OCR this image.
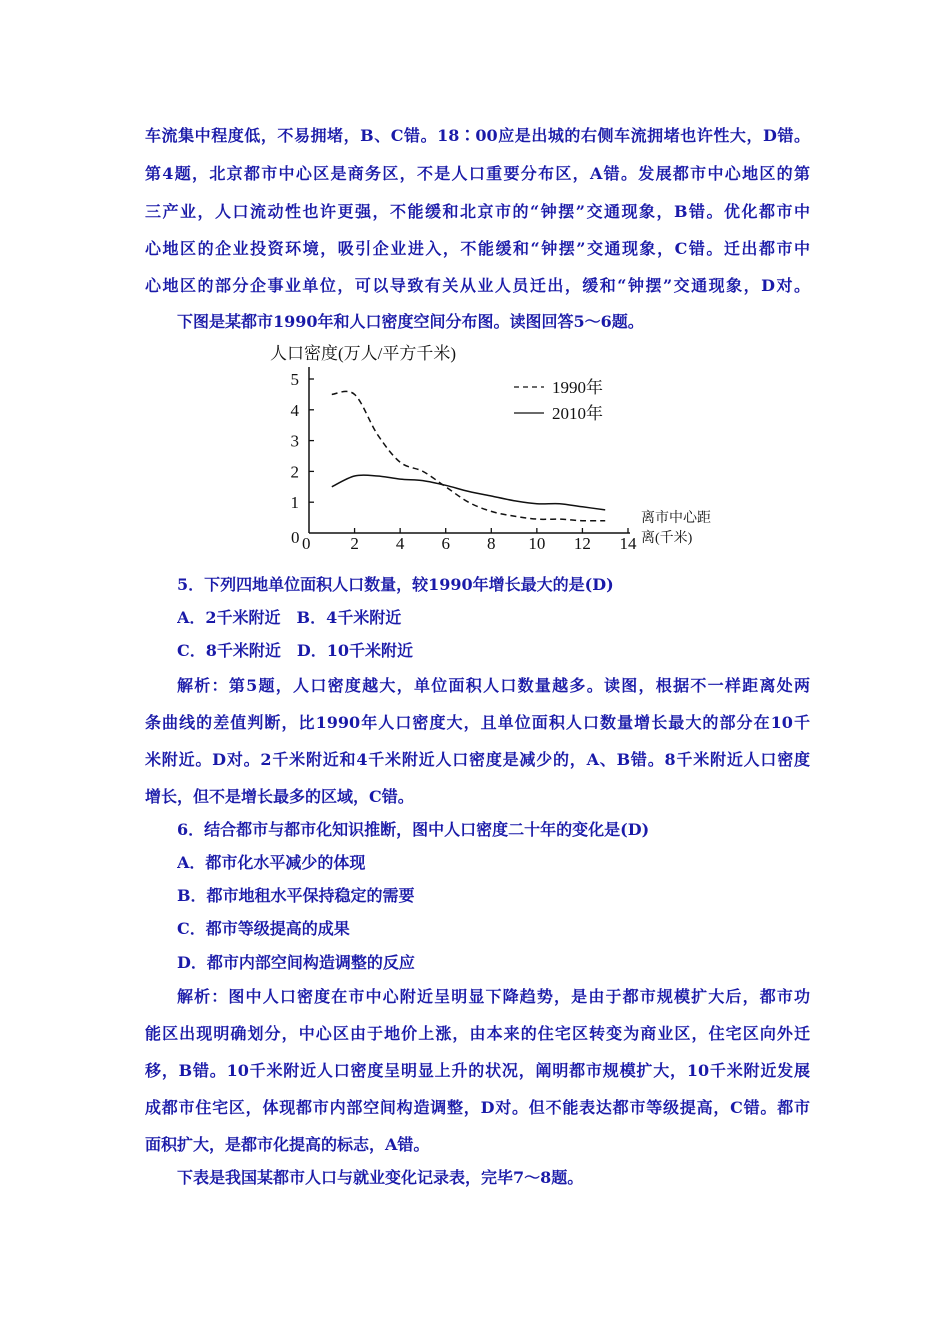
车流集中程度低，不易拥堵，B、C错。18∶00应是出城的右侧车流拥堵也许性大，D错。
第4题，北京都市中心区是商务区，不是人口重要分布区，A错。发展都市中心地区的第
三产业，人口流动性也许更强，不能缓和北京市的“钟摆”交通现象，B错。优化都市中
心地区的企业投资环境，吸引企业进入，不能缓和“钟摆”交通现象，C错。迁出都市中
心地区的部分企事业单位，可以导致有关从业人员迁出，缓和“钟摆”交通现象，D对。
下图是某都市1990年和人口密度空间分布图。读图回答5～6题。
人口密度(万人/平方千米)
1
2
3
4
5
2 4 6 8 10 12 14
1990年
2010年
离市中心距
离(千米)
0 0
5．下列四地单位面积人口数量，较1990年增长最大的是(D)
A．2千米附近　B．4千米附近
C．8千米附近　D．10千米附近
解析：第5题，人口密度越大，单位面积人口数量越多。读图，根据不一样距离处两
条曲线的差值判断，比1990年人口密度大，且单位面积人口数量增长最大的部分在10千
米附近。D对。2千米附近和4千米附近人口密度是减少的，A、B错。8千米附近人口密度
增长，但不是增长最多的区域，C错。
6．结合都市与都市化知识推断，图中人口密度二十年的变化是(D)
A．都市化水平减少的体现
B．都市地租水平保持稳定的需要
C．都市等级提高的成果
D．都市内部空间构造调整的反应
解析：图中人口密度在市中心附近呈明显下降趋势，是由于都市规模扩大后，都市功
能区出现明确划分，中心区由于地价上涨，由本来的住宅区转变为商业区，住宅区向外迁
移，B错。10千米附近人口密度呈明显上升的状况，阐明都市规模扩大，10千米附近发展
成都市住宅区，体现都市内部空间构造调整，D对。但不能表达都市等级提高，C错。都市
面积扩大，是都市化提高的标志，A错。
下表是我国某都市人口与就业变化记录表，完毕7～8题。
